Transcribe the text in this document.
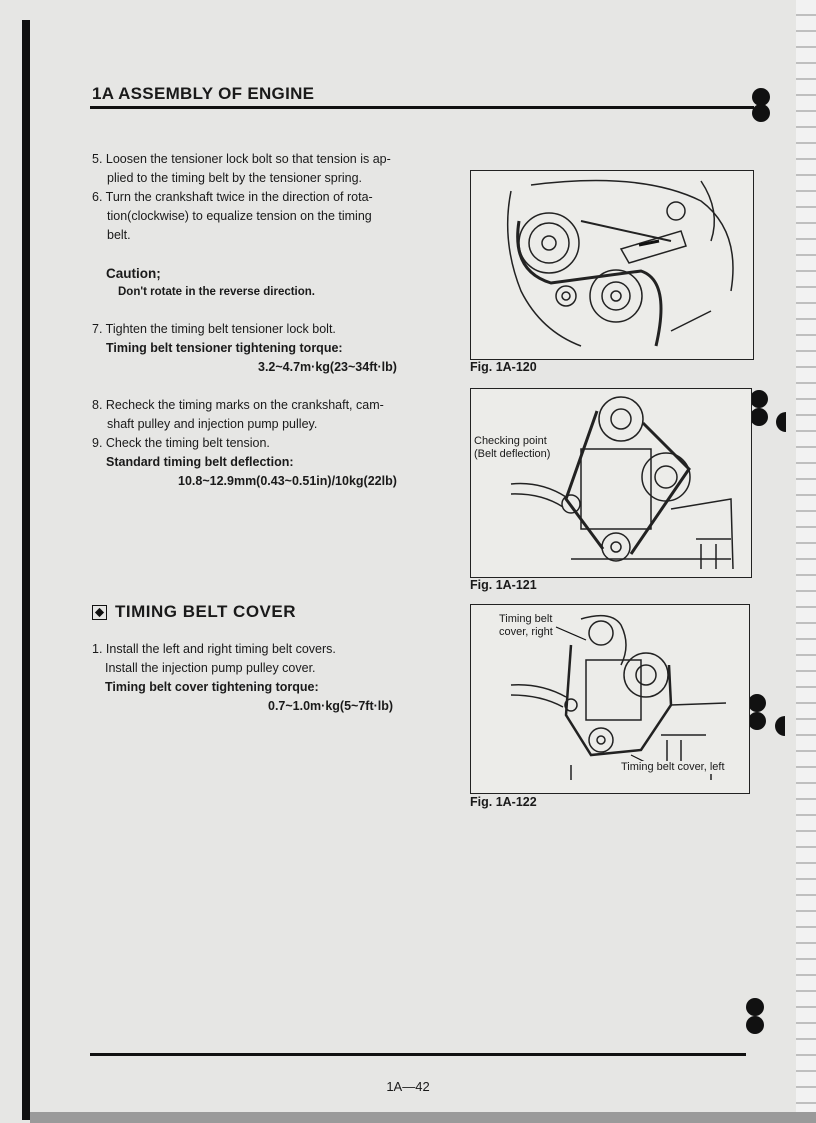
1A ASSEMBLY OF ENGINE
5. Loosen the tensioner lock bolt so that tension is ap-
plied to the timing belt by the tensioner spring.
6. Turn the crankshaft twice in the direction of rota-
tion(clockwise) to equalize tension on the timing
belt.
Caution;
Don't rotate in the reverse direction.
7. Tighten the timing belt tensioner lock bolt.
Timing belt tensioner tightening torque:
3.2~4.7m·kg(23~34ft·lb)
8. Recheck the timing marks on the crankshaft, cam-
shaft pulley and injection pump pulley.
9. Check the timing belt tension.
Standard timing belt deflection:
10.8~12.9mm(0.43~0.51in)/10kg(22lb)
TIMING BELT COVER
1. Install the left and right timing belt covers.
Install the injection pump pulley cover.
Timing belt cover tightening torque:
0.7~1.0m·kg(5~7ft·lb)
Fig. 1A-120
Checking point
(Belt deflection)
Fig. 1A-121
Timing belt
cover, right
Timing belt cover, left
Fig. 1A-122
1A—42
